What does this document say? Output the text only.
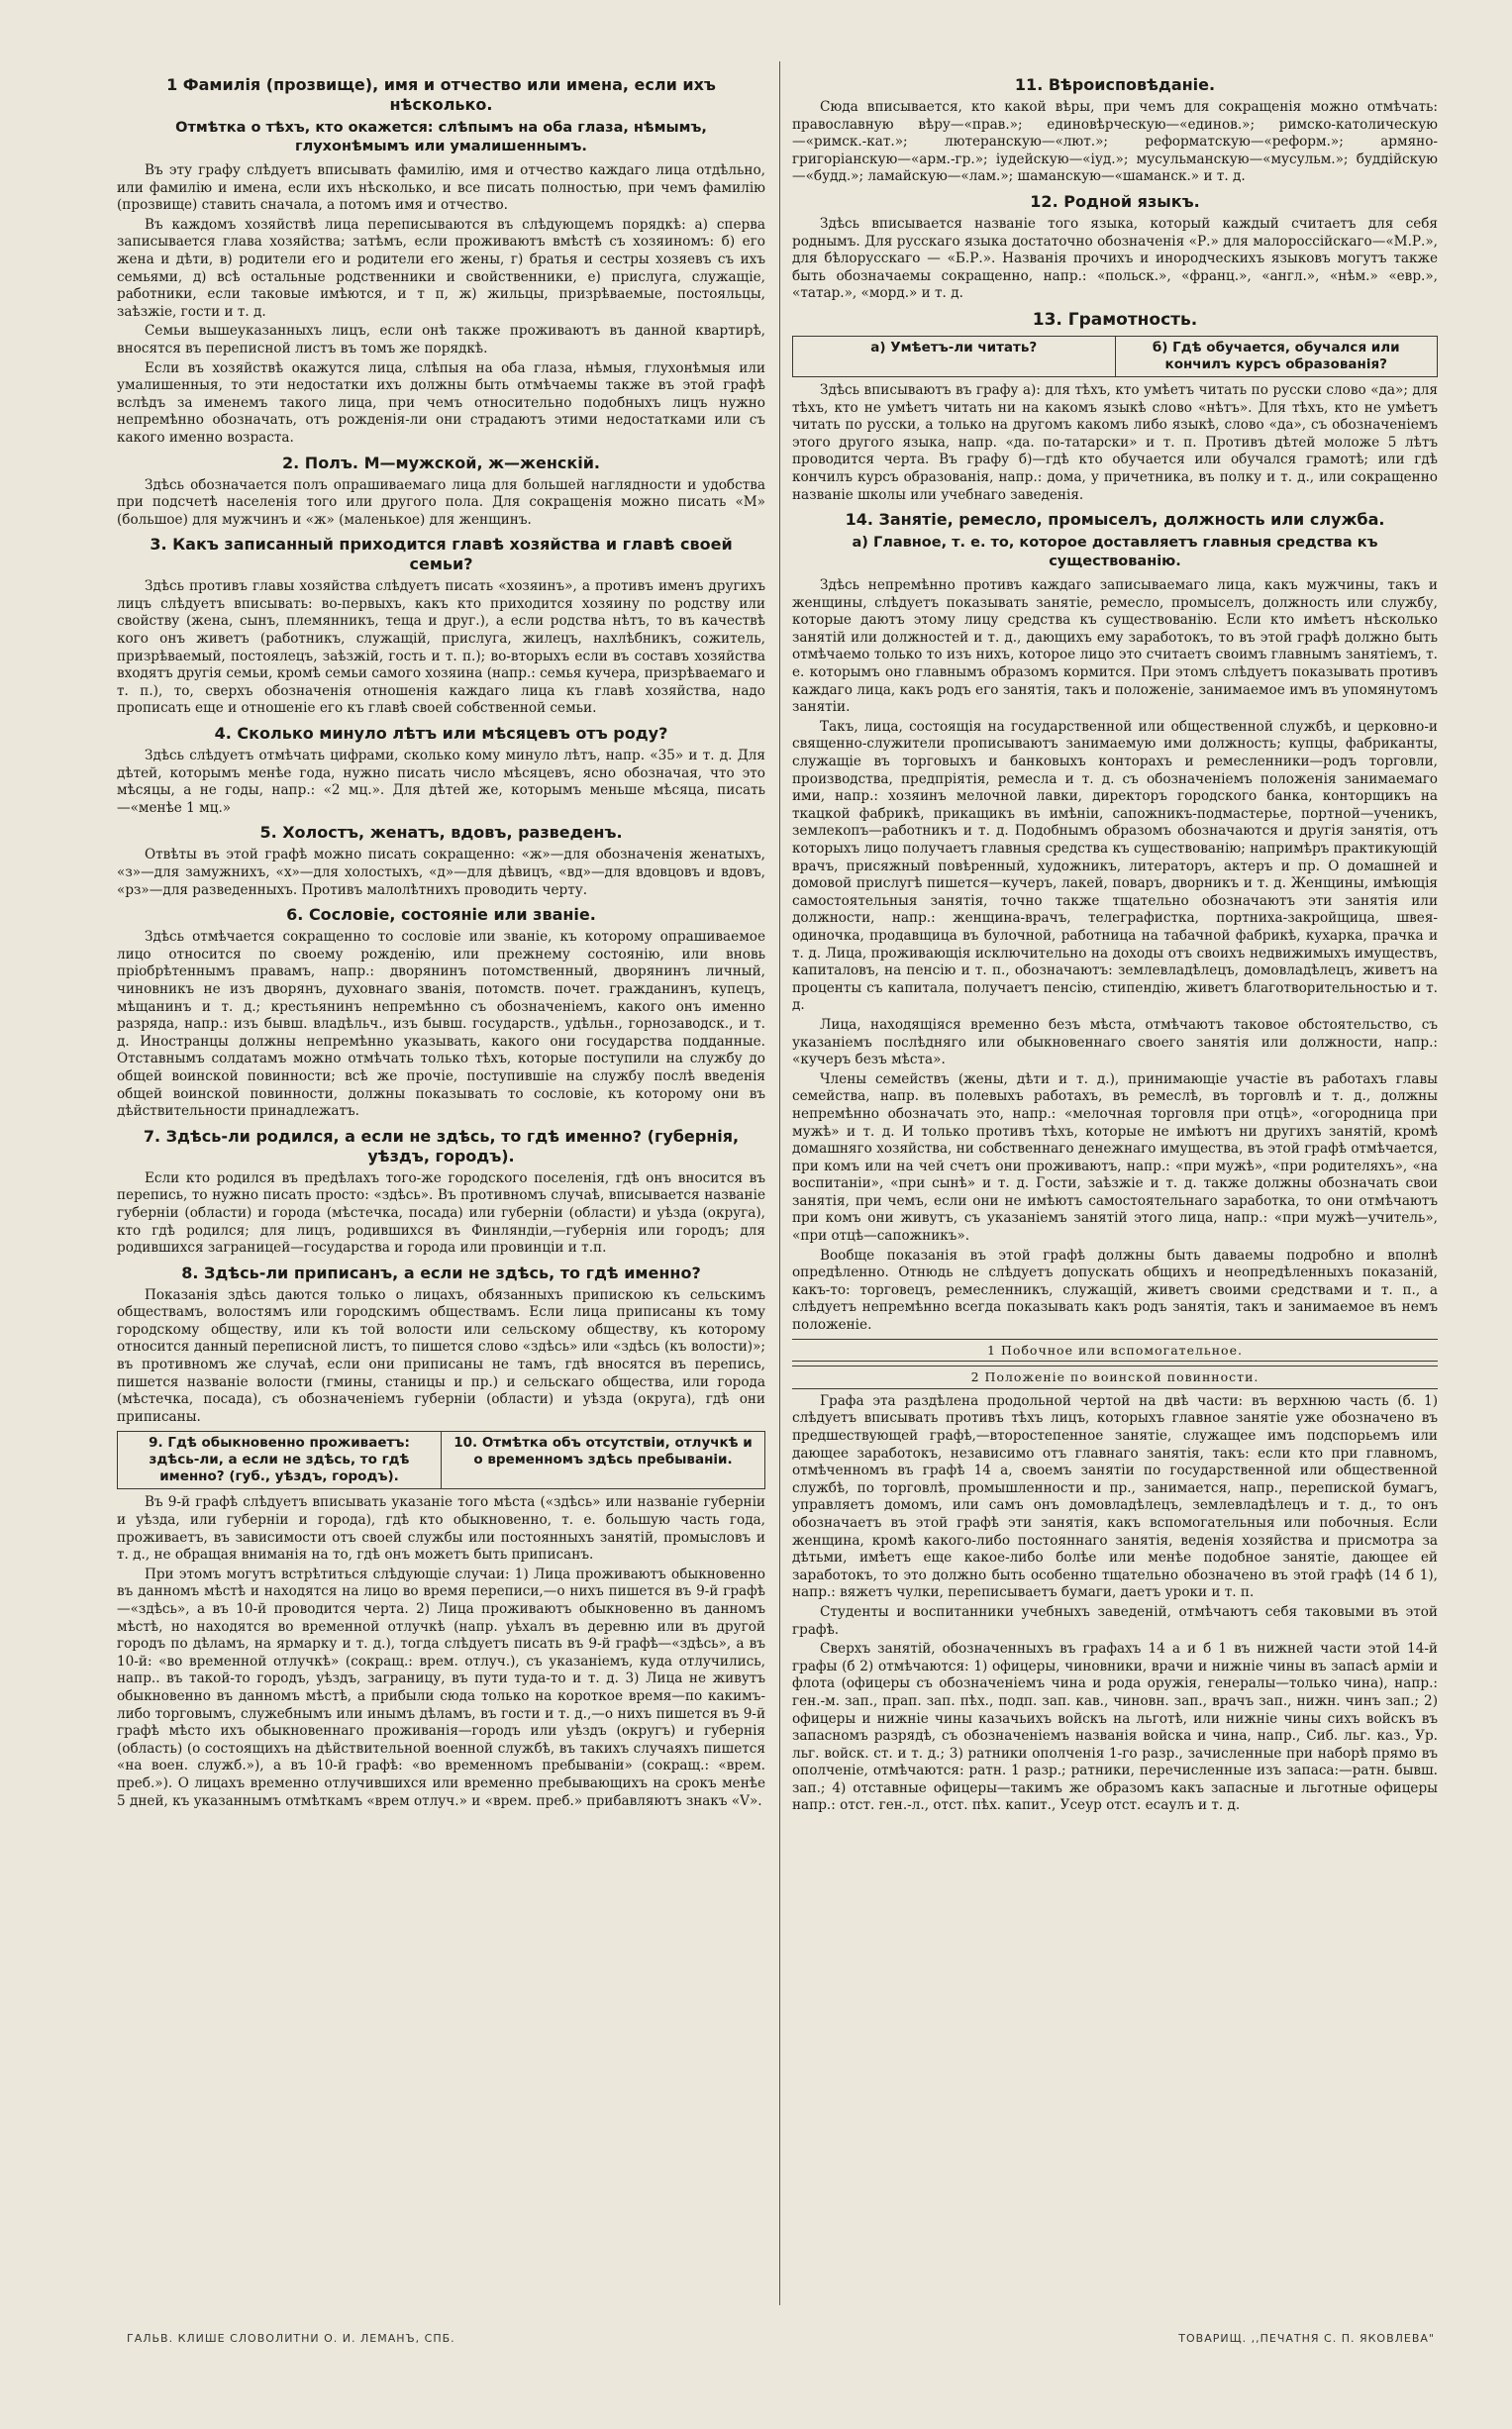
1 Фамилія (прозвище), имя и отчество или имена, если ихъ нѣсколько.
Отмѣтка о тѣхъ, кто окажется: слѣпымъ на оба глаза, нѣмымъ, глухонѣмымъ или умалишеннымъ.

Въ эту графу слѣдуетъ вписывать фамилію, имя и отчество каждаго лица отдѣльно, или фамилію и имена, если ихъ нѣсколько, и все писать полностью, при чемъ фамилію (прозвище) ставить сначала, а потомъ имя и отчество.

Въ каждомъ хозяйствѣ лица переписываются въ слѣдующемъ порядкѣ: а) сперва записывается глава хозяйства; затѣмъ, если проживаютъ вмѣстѣ съ хозяиномъ: б) его жена и дѣти, в) родители его и родители его жены, г) братья и сестры хозяевъ съ ихъ семьями, д) всѣ остальные родственники и свойственники, е) прислуга, служащіе, работники, если таковые имѣются, и т п, ж) жильцы, призрѣваемые, постояльцы, заѣзжіе, гости и т. д.

Семьи вышеуказанныхъ лицъ, если онѣ также проживаютъ въ данной квартирѣ, вносятся въ переписной листъ въ томъ же порядкѣ.

Если въ хозяйствѣ окажутся лица, слѣпыя на оба глаза, нѣмыя, глухонѣмыя или умалишенныя, то эти недостатки ихъ должны быть отмѣчаемы также въ этой графѣ вслѣдъ за именемъ такого лица, при чемъ относительно подобныхъ лицъ нужно непремѣнно обозначать, отъ рожденія-ли они страдаютъ этими недостатками или съ какого именно возраста.

2. Полъ. М—мужской, ж—женскій.

Здѣсь обозначается полъ опрашиваемаго лица для большей наглядности и удобства при подсчетѣ населенія того или другого пола. Для сокращенія можно писать «М» (большое) для мужчинъ и «ж» (маленькое) для женщинъ.

3. Какъ записанный приходится главѣ хозяйства и главѣ своей семьи?

Здѣсь противъ главы хозяйства слѣдуетъ писать «хозяинъ», а противъ именъ другихъ лицъ слѣдуетъ вписывать: во-первыхъ, какъ кто приходится хозяину по родству или свойству (жена, сынъ, племянникъ, теща и друг.), а если родства нѣтъ, то въ качествѣ кого онъ живетъ (работникъ, служащій, прислуга, жилецъ, нахлѣбникъ, сожитель, призрѣваемый, постоялецъ, заѣзжій, гость и т. п.); во-вторыхъ если въ составъ хозяйства входятъ другія семьи, кромѣ семьи самого хозяина (напр.: семья кучера, призрѣваемаго и т. п.), то, сверхъ обозначенія отношенія каждаго лица къ главѣ хозяйства, надо прописать еще и отношеніе его къ главѣ своей собственной семьи.

4. Сколько минуло лѣтъ или мѣсяцевъ отъ роду?

Здѣсь слѣдуетъ отмѣчать цифрами, сколько кому минуло лѣтъ, напр. «35» и т. д. Для дѣтей, которымъ менѣе года, нужно писать число мѣсяцевъ, ясно обозначая, что это мѣсяцы, а не годы, напр.: «2 мц.». Для дѣтей же, которымъ меньше мѣсяца, писать—«менѣе 1 мц.»

5. Холостъ, женатъ, вдовъ, разведенъ.

Отвѣты въ этой графѣ можно писать сокращенно: «ж»—для обозначенія женатыхъ, «з»—для замужнихъ, «х»—для холостыхъ, «д»—для дѣвицъ, «вд»—для вдовцовъ и вдовъ, «рз»—для разведенныхъ. Противъ малолѣтнихъ проводить черту.

6. Сословіе, состояніе или званіе.

Здѣсь отмѣчается сокращенно то сословіе или званіе, къ которому опрашиваемое лицо относится по своему рожденію, или прежнему состоянію, или вновь пріобрѣтеннымъ правамъ, напр.: дворянинъ потомственный, дворянинъ личный, чиновникъ не изъ дворянъ, духовнаго званія, потомств. почет. гражданинъ, купецъ, мѣщанинъ и т. д.; крестьянинъ непремѣнно съ обозначеніемъ, какого онъ именно разряда, напр.: изъ бывш. владѣльч., изъ бывш. государств., удѣльн., горнозаводск., и т. д. Иностранцы должны непремѣнно указывать, какого они государства подданные. Отставнымъ солдатамъ можно отмѣчать только тѣхъ, которые поступили на службу до общей воинской повинности; всѣ же прочіе, поступившіе на службу послѣ введенія общей воинской повинности, должны показывать то сословіе, къ которому они въ дѣйствительности принадлежатъ.

7. Здѣсь-ли родился, а если не здѣсь, то гдѣ именно? (губернія, уѣздъ, городъ).

Если кто родился въ предѣлахъ того-же городского поселенія, гдѣ онъ вносится въ перепись, то нужно писать просто: «здѣсь». Въ противномъ случаѣ, вписывается названіе губерніи (области) и города (мѣстечка, посада) или губерніи (области) и уѣзда (округа), кто гдѣ родился; для лицъ, родившихся въ Финляндіи,—губернія или городъ; для родившихся заграницей—государства и города или провинціи и т.п.

8. Здѣсь-ли приписанъ, а если не здѣсь, то гдѣ именно?

Показанія здѣсь даются только о лицахъ, обязанныхъ припискою къ сельскимъ обществамъ, волостямъ или городскимъ обществамъ. Если лица приписаны къ тому городскому обществу, или къ той волости или сельскому обществу, къ которому относится данный переписной листъ, то пишется слово «здѣсь» или «здѣсь (къ волости)»; въ противномъ же случаѣ, если они приписаны не тамъ, гдѣ вносятся въ перепись, пишется названіе волости (гмины, станицы и пр.) и сельскаго общества, или города (мѣстечка, посада), съ обозначеніемъ губерніи (области) и уѣзда (округа), гдѣ они приписаны.

9. Гдѣ обыкновенно проживаетъ: здѣсь-ли, а если не здѣсь, то гдѣ именно? (губ., уѣздъ, городъ).
10. Отмѣтка объ отсутствіи, отлучкѣ и о временномъ здѣсь пребываніи.

Въ 9-й графѣ слѣдуетъ вписывать указаніе того мѣста («здѣсь» или названіе губерніи и уѣзда, или губерніи и города), гдѣ кто обыкновенно, т. е. большую часть года, проживаетъ, въ зависимости отъ своей службы или постоянныхъ занятій, промысловъ и т. д., не обращая вниманія на то, гдѣ онъ можетъ быть приписанъ.

При этомъ могутъ встрѣтиться слѣдующіе случаи: 1) Лица проживаютъ обыкновенно въ данномъ мѣстѣ и находятся на лицо во время переписи,—о нихъ пишется въ 9-й графѣ—«здѣсь», а въ 10-й проводится черта. 2) Лица проживаютъ обыкновенно въ данномъ мѣстѣ, но находятся во временной отлучкѣ (напр. уѣхалъ въ деревню или въ другой городъ по дѣламъ, на ярмарку и т. д.), тогда слѣдуетъ писать въ 9-й графѣ—«здѣсь», а въ 10-й: «во временной отлучкѣ» (сокращ.: врем. отлуч.), съ указаніемъ, куда отлучились, напр.. въ такой-то городъ, уѣздъ, заграницу, въ пути туда-то и т. д. 3) Лица не живутъ обыкновенно въ данномъ мѣстѣ, а прибыли сюда только на короткое время—по какимъ-либо торговымъ, служебнымъ или инымъ дѣламъ, въ гости и т. д.,—о нихъ пишется въ 9-й графѣ мѣсто ихъ обыкновеннаго проживанія—городъ или уѣздъ (округъ) и губернія (область) (о состоящихъ на дѣйствительной военной службѣ, въ такихъ случаяхъ пишется «на воен. служб.»), а въ 10-й графѣ: «во временномъ пребываніи» (сокращ.: «врем. преб.»). О лицахъ временно отлучившихся или временно пребывающихъ на срокъ менѣе 5 дней, къ указаннымъ отмѣткамъ «врем отлуч.» и «врем. преб.» прибавляютъ знакъ «V».

11. Вѣроисповѣданіе.

Сюда вписывается, кто какой вѣры, при чемъ для сокращенія можно отмѣчать: православную вѣру—«прав.»; единовѣрческую—«единов.»; римско-католическую—«римск.-кат.»; лютеранскую—«лют.»; реформатскую—«реформ.»; армяно-григоріанскую—«арм.-гр.»; іудейскую—«іуд.»; мусульманскую—«мусульм.»; буддійскую—«будд.»; ламайскую—«лам.»; шаманскую—«шаманск.» и т. д.

12. Родной языкъ.

Здѣсь вписывается названіе того языка, который каждый считаетъ для себя роднымъ. Для русскаго языка достаточно обозначенія «Р.» для малороссійскаго—«М.Р.», для бѣлорусскаго — «Б.Р.». Названія прочихъ и инородческихъ языковъ могутъ также быть обозначаемы сокращенно, напр.: «польск.», «франц.», «англ.», «нѣм.» «евр.», «татар.», «морд.» и т. д.

13. Грамотность.
а) Умѣетъ-ли читать?	б) Гдѣ обучается, обучался или кончилъ курсъ образованія?

Здѣсь вписываютъ въ графу а): для тѣхъ, кто умѣетъ читать по русски слово «да»; для тѣхъ, кто не умѣетъ читать ни на какомъ языкѣ слово «нѣтъ». Для тѣхъ, кто не умѣетъ читать по русски, а только на другомъ какомъ либо языкѣ, слово «да», съ обозначеніемъ этого другого языка, напр. «да. по-татарски» и т. п. Противъ дѣтей моложе 5 лѣтъ проводится черта. Въ графу б)—гдѣ кто обучается или обучался грамотѣ; или гдѣ кончилъ курсъ образованія, напр.: дома, у причетника, въ полку и т. д., или сокращенно названіе школы или учебнаго заведенія.

14. Занятіе, ремесло, промыселъ, должность или служба.
а) Главное, т. е. то, которое доставляетъ главныя средства къ существованію.

Здѣсь непремѣнно противъ каждаго записываемаго лица, какъ мужчины, такъ и женщины, слѣдуетъ показывать занятіе, ремесло, промыселъ, должность или службу, которые даютъ этому лицу средства къ существованію. Если кто имѣетъ нѣсколько занятій или должностей и т. д., дающихъ ему заработокъ, то въ этой графѣ должно быть отмѣчаемо только то изъ нихъ, которое лицо это считаетъ своимъ главнымъ занятіемъ, т. е. которымъ оно главнымъ образомъ кормится. При этомъ слѣдуетъ показывать противъ каждаго лица, какъ родъ его занятія, такъ и положеніе, занимаемое имъ въ упомянутомъ занятіи.

Такъ, лица, состоящія на государственной или общественной службѣ, и церковно-и священно-служители прописываютъ занимаемую ими должность; купцы, фабриканты, служащіе въ торговыхъ и банковыхъ конторахъ и ремесленники—родъ торговли, производства, предпріятія, ремесла и т. д. съ обозначеніемъ положенія занимаемаго ими, напр.: хозяинъ мелочной лавки, директоръ городского банка, конторщикъ на ткацкой фабрикѣ, прикащикъ въ имѣніи, сапожникъ-подмастерье, портной—ученикъ, землекопъ—работникъ и т. д. Подобнымъ образомъ обозначаются и другія занятія, отъ которыхъ лицо получаетъ главныя средства къ существованію; напримѣръ практикующій врачъ, присяжный повѣренный, художникъ, литераторъ, актеръ и пр. О домашней и домовой прислугѣ пишется—кучеръ, лакей, поваръ, дворникъ и т. д. Женщины, имѣющія самостоятельныя занятія, точно также тщательно обозначаютъ эти занятія или должности, напр.: женщина-врачъ, телеграфистка, портниха-закройщица, швея-одиночка, продавщица въ булочной, работница на табачной фабрикѣ, кухарка, прачка и т. д. Лица, проживающія исключительно на доходы отъ своихъ недвижимыхъ имуществъ, капиталовъ, на пенсію и т. п., обозначаютъ: землевладѣлецъ, домовладѣлецъ, живетъ на проценты съ капитала, получаетъ пенсію, стипендію, живетъ благотворительностью и т. д.

Лица, находящіяся временно безъ мѣста, отмѣчаютъ таковое обстоятельство, съ указаніемъ послѣдняго или обыкновеннаго своего занятія или должности, напр.: «кучеръ безъ мѣста».

Члены семействъ (жены, дѣти и т. д.), принимающіе участіе въ работахъ главы семейства, напр. въ полевыхъ работахъ, въ ремеслѣ, въ торговлѣ и т. д., должны непремѣнно обозначать это, напр.: «мелочная торговля при отцѣ», «огородница при мужѣ» и т. д. И только противъ тѣхъ, которые не имѣютъ ни другихъ занятій, кромѣ домашняго хозяйства, ни собственнаго денежнаго имущества, въ этой графѣ отмѣчается, при комъ или на чей счетъ они проживаютъ, напр.: «при мужѣ», «при родителяхъ», «на воспитаніи», «при сынѣ» и т. д. Гости, заѣзжіе и т. д. также должны обозначать свои занятія, при чемъ, если они не имѣютъ самостоятельнаго заработка, то они отмѣчаютъ при комъ они живутъ, съ указаніемъ занятій этого лица, напр.: «при мужѣ—учитель», «при отцѣ—сапожникъ».

Вообще показанія въ этой графѣ должны быть даваемы подробно и вполнѣ опредѣленно. Отнюдь не слѣдуетъ допускать общихъ и неопредѣленныхъ показаній, какъ-то: торговецъ, ремесленникъ, служащій, живетъ своими средствами и т. п., а слѣдуетъ непремѣнно всегда показывать какъ родъ занятія, такъ и занимаемое въ немъ положеніе.

1 Побочное или вспомогательное.
2 Положеніе по воинской повинности.

Графа эта раздѣлена продольной чертой на двѣ части: въ верхнюю часть (б. 1) слѣдуетъ вписывать противъ тѣхъ лицъ, которыхъ главное занятіе уже обозначено въ предшествующей графѣ,—второстепенное занятіе, служащее имъ подспорьемъ или дающее заработокъ, независимо отъ главнаго занятія, такъ: если кто при главномъ, отмѣченномъ въ графѣ 14 а, своемъ занятіи по государственной или общественной службѣ, по торговлѣ, промышленности и пр., занимается, напр., перепиской бумагъ, управляетъ домомъ, или самъ онъ домовладѣлецъ, землевладѣлецъ и т. д., то онъ обозначаетъ въ этой графѣ эти занятія, какъ вспомогательныя или побочныя. Если женщина, кромѣ какого-либо постояннаго занятія, веденія хозяйства и присмотра за дѣтьми, имѣетъ еще какое-либо болѣе или менѣе подобное занятіе, дающее ей заработокъ, то это должно быть особенно тщательно обозначено въ этой графѣ (14 б 1), напр.: вяжетъ чулки, переписываетъ бумаги, даетъ уроки и т. п.

Студенты и воспитанники учебныхъ заведеній, отмѣчаютъ себя таковыми въ этой графѣ.

Сверхъ занятій, обозначенныхъ въ графахъ 14 а и б 1 въ нижней части этой 14-й графы (б 2) отмѣчаются: 1) офицеры, чиновники, врачи и нижніе чины въ запасѣ арміи и флота (офицеры съ обозначеніемъ чина и рода оружія, генералы—только чина), напр.: ген.-м. зап., прап. зап. пѣх., подп. зап. кав., чиновн. зап., врачъ зап., нижн. чинъ зап.; 2) офицеры и нижніе чины казачьихъ войскъ на льготѣ, или нижніе чины сихъ войскъ въ запасномъ разрядѣ, съ обозначеніемъ названія войска и чина, напр., Сиб. льг. каз., Ур. льг. войск. ст. и т. д.; 3) ратники ополченія 1-го разр., зачисленные при наборѣ прямо въ ополченіе, отмѣчаются: ратн. 1 разр.; ратники, перечисленные изъ запаса:—ратн. бывш. зап.; 4) отставные офицеры—такимъ же образомъ какъ запасные и льготные офицеры напр.: отст. ген.-л., отст. пѣх. капит., Усеур отст. есаулъ и т. д.

ГАЛЬВ. КЛИШЕ СЛОВОЛИТНИ О. И. ЛЕМАНЪ, СПБ.	ТОВАРИЩ. ,,ПЕЧАТНЯ С. П. ЯКОВЛЕВА"
